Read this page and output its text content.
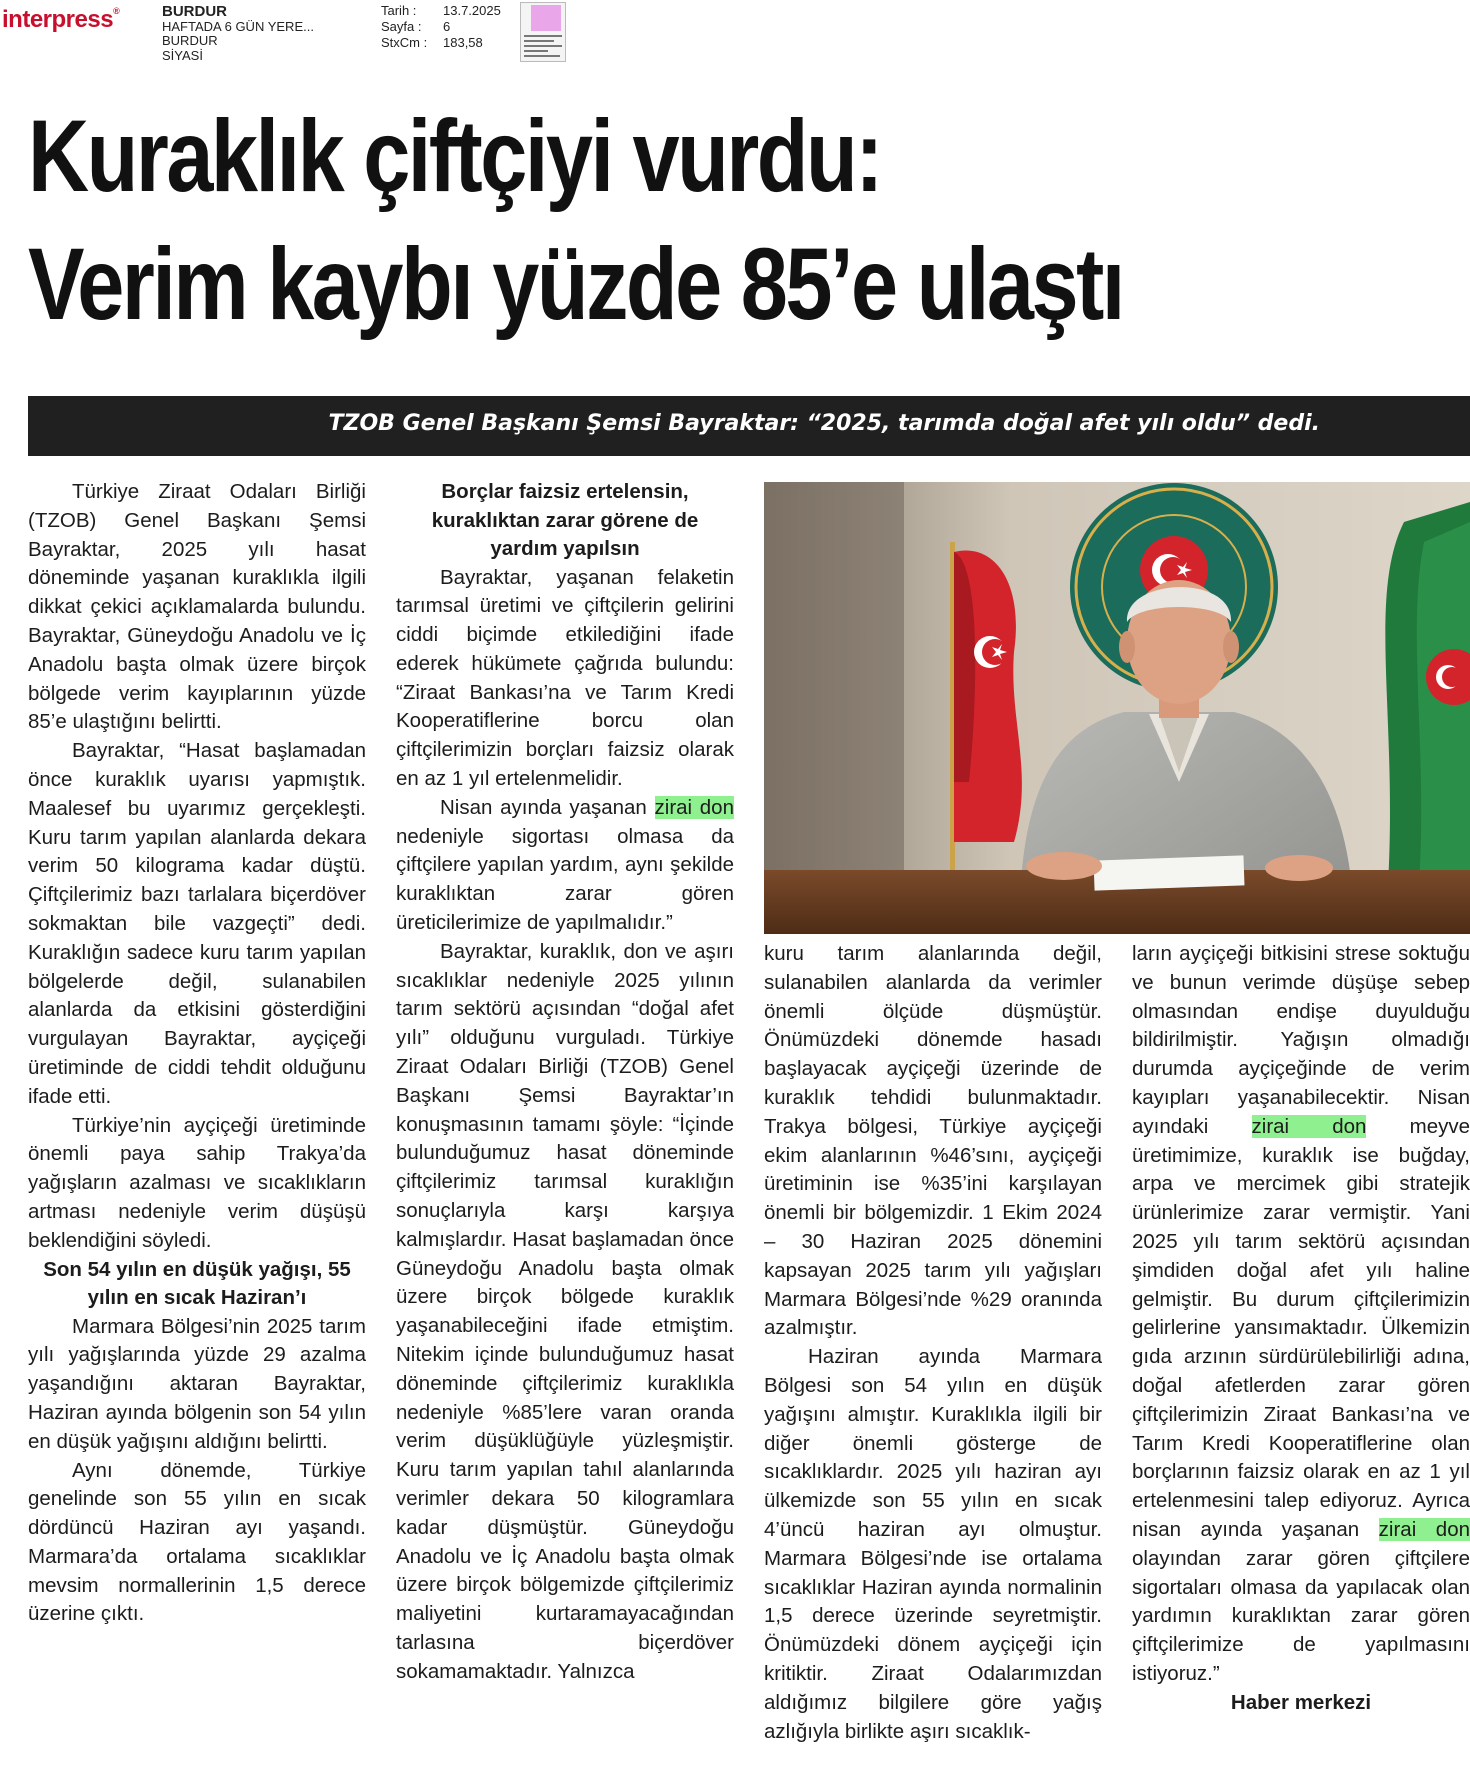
interpress®	BURDUR
HAFTADA 6 GÜN YERE...
BURDUR
SİYASİ
Tarih : 13.7.2025
Sayfa : 6
StxCm : 183,58
Kuraklık çiftçiyi vurdu:
Verim kaybı yüzde 85’e ulaştı
TZOB Genel Başkanı Şemsi Bayraktar: “2025, tarımda doğal afet yılı oldu” dedi.

Türkiye Ziraat Odaları Birliği (TZOB) Genel Başkanı Şemsi Bayraktar, 2025 yılı hasat döneminde yaşanan kuraklıkla ilgili dikkat çekici açıklamalarda bulundu. Bayraktar, Güneydoğu Anadolu ve İç Anadolu başta olmak üzere birçok bölgede verim kayıplarının yüzde 85’e ulaştığını belirtti.

Bayraktar, “Hasat başlamadan önce kuraklık uyarısı yapmıştık. Maalesef bu uyarımız gerçekleşti. Kuru tarım yapılan alanlarda dekara verim 50 kilograma kadar düştü. Çiftçilerimiz bazı tarlalara biçerdöver sokmaktan bile vazgeçti” dedi. Kuraklığın sadece kuru tarım yapılan bölgelerde değil, sulanabilen alanlarda da etkisini gösterdiğini vurgulayan Bayraktar, ayçiçeği üretiminde de ciddi tehdit olduğunu ifade etti.

Türkiye’nin ayçiçeği üretiminde önemli paya sahip Trakya’da yağışların azalması ve sıcaklıkların artması nedeniyle verim düşüşü beklendiğini söyledi.

Son 54 yılın en düşük yağışı, 55 yılın en sıcak Haziran’ı

Marmara Bölgesi’nin 2025 tarım yılı yağışlarında yüzde 29 azalma yaşandığını aktaran Bayraktar, Haziran ayında bölgenin son 54 yılın en düşük yağışını aldığını belirtti.

Aynı dönemde, Türkiye genelinde son 55 yılın en sıcak dördüncü Haziran ayı yaşandı. Marmara’da ortalama sıcaklıklar mevsim normallerinin 1,5 derece üzerine çıktı.

Borçlar faizsiz ertelensin, kuraklıktan zarar görene de yardım yapılsın

Bayraktar, yaşanan felaketin tarımsal üretimi ve çiftçilerin gelirini ciddi biçimde etkilediğini ifade ederek hükümete çağrıda bulundu: “Ziraat Bankası’na ve Tarım Kredi Kooperatiflerine borcu olan çiftçilerimizin borçları faizsiz olarak en az 1 yıl ertelenmelidir.

Nisan ayında yaşanan zirai don nedeniyle sigortası olmasa da çiftçilere yapılan yardım, aynı şekilde kuraklıktan zarar gören üreticilerimize de yapılmalıdır.”

Bayraktar, kuraklık, don ve aşırı sıcaklıklar nedeniyle 2025 yılının tarım sektörü açısından “doğal afet yılı” olduğunu vurguladı. Türkiye Ziraat Odaları Birliği (TZOB) Genel Başkanı Şemsi Bayraktar’ın konuşmasının tamamı şöyle: “İçinde bulunduğumuz hasat döneminde çiftçilerimiz tarımsal kuraklığın sonuçlarıyla karşı karşıya kalmışlardır. Hasat başlamadan önce Güneydoğu Anadolu başta olmak üzere birçok bölgede kuraklık yaşanabileceğini ifade etmiştim. Nitekim içinde bulunduğumuz hasat döneminde çiftçilerimiz kuraklıkla nedeniyle %85’lere varan oranda verim düşüklüğüyle yüzleşmiştir. Kuru tarım yapılan tahıl alanlarında verimler dekara 50 kilogramlara kadar düşmüştür. Güneydoğu Anadolu ve İç Anadolu başta olmak üzere birçok bölgemizde çiftçilerimiz maliyetini kurtaramayacağından tarlasına biçerdöver sokamamaktadır. Yalnızca

kuru tarım alanlarında değil, sulanabilen alanlarda da verimler önemli ölçüde düşmüştür. Önümüzdeki dönemde hasadı başlayacak ayçiçeği üzerinde de kuraklık tehdidi bulunmaktadır. Trakya bölgesi, Türkiye ayçiçeği ekim alanlarının %46’sını, ayçiçeği üretiminin ise %35’ini karşılayan önemli bir bölgemizdir. 1 Ekim 2024 – 30 Haziran 2025 dönemini kapsayan 2025 tarım yılı yağışları Marmara Bölgesi’nde %29 oranında azalmıştır.

Haziran ayında Marmara Bölgesi son 54 yılın en düşük yağışını almıştır. Kuraklıkla ilgili bir diğer önemli gösterge de sıcaklıklardır. 2025 yılı haziran ayı ülkemizde son 55 yılın en sıcak 4’üncü haziran ayı olmuştur. Marmara Bölgesi’nde ise ortalama sıcaklıklar Haziran ayında normalinin 1,5 derece üzerinde seyretmiştir. Önümüzdeki dönem ayçiçeği için kritiktir. Ziraat Odalarımızdan aldığımız bilgilere göre yağış azlığıyla birlikte aşırı sıcaklık-

ların ayçiçeği bitkisini strese soktuğu ve bunun verimde düşüşe sebep olmasından endişe duyulduğu bildirilmiştir. Yağışın olmadığı durumda ayçiçeğinde de verim kayıpları yaşanabilecektir. Nisan ayındaki zirai don meyve üretimimize, kuraklık ise buğday, arpa ve mercimek gibi stratejik ürünlerimize zarar vermiştir. Yani 2025 yılı tarım sektörü açısından şimdiden doğal afet yılı haline gelmiştir. Bu durum çiftçilerimizin gelirlerine yansımaktadır. Ülkemizin gıda arzının sürdürülebilirliği adına, doğal afetlerden zarar gören çiftçilerimizin Ziraat Bankası’na ve Tarım Kredi Kooperatiflerine olan borçlarının faizsiz olarak en az 1 yıl ertelenmesini talep ediyoruz. Ayrıca nisan ayında yaşanan zirai don olayından zarar gören çiftçilere sigortaları olmasa da yapılacak olan yardımın kuraklıktan zarar gören çiftçilerimize de yapılmasını istiyoruz.”

Haber merkezi
